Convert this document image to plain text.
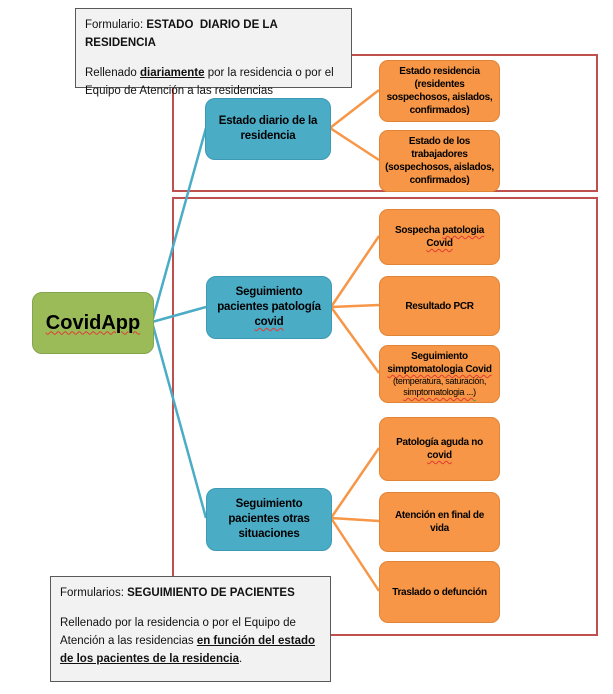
CovidApp
Estado diario de la
residencia
Seguimiento
pacientes patología
covid
Seguimiento
pacientes otras
situaciones
Estado residencia
(residentes
sospechosos, aislados,
confirmados)
Estado de los
trabajadores
(sospechosos, aislados,
confirmados)
Sospecha patologia
Covid
Resultado PCR
Seguimiento
simptomatologia Covid
(temperatura, saturación,
simptomatologia ...)
Patología aguda no
covid
Atención en final de
vida
Traslado o defunción
Formulario: ESTADO  DIARIO DE LA RESIDENCIA
Rellenado diariamente por la residencia o por el Equipo de Atención a las residencias
Formularios: SEGUIMIENTO DE PACIENTES
Rellenado por la residencia o por el Equipo de Atención a las residencias en función del estado de los pacientes de la residencia.
